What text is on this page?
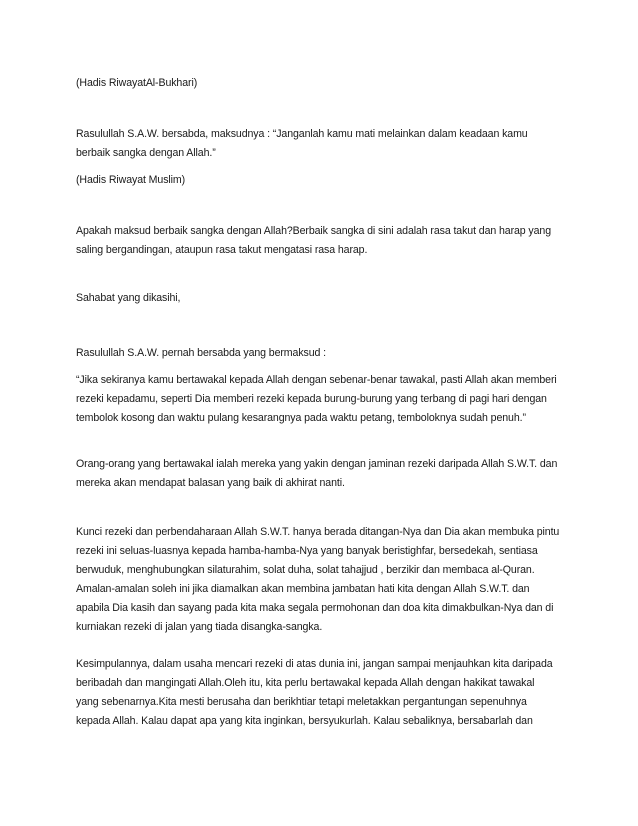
(Hadis RiwayatAl-Bukhari)

Rasulullah S.A.W. bersabda, maksudnya : “Janganlah kamu mati melainkan dalam keadaan kamu
berbaik sangka dengan Allah.”

(Hadis Riwayat Muslim)

Apakah maksud berbaik sangka dengan Allah?Berbaik sangka di sini adalah rasa takut dan harap yang
saling bergandingan, ataupun rasa takut mengatasi rasa harap.

Sahabat yang dikasihi,

Rasulullah S.A.W. pernah bersabda yang bermaksud :

“Jika sekiranya kamu bertawakal kepada Allah dengan sebenar-benar tawakal, pasti Allah akan memberi
rezeki kepadamu, seperti Dia memberi rezeki kepada burung-burung yang terbang di pagi hari dengan
tembolok kosong dan waktu pulang kesarangnya pada waktu petang, temboloknya sudah penuh.”

Orang-orang yang bertawakal ialah mereka yang yakin dengan jaminan rezeki daripada Allah S.W.T. dan
mereka akan mendapat balasan yang baik di akhirat nanti.

Kunci rezeki dan perbendaharaan Allah S.W.T. hanya berada ditangan-Nya dan Dia akan membuka pintu
rezeki ini seluas-luasnya kepada hamba-hamba-Nya yang banyak beristighfar, bersedekah, sentiasa
berwuduk, menghubungkan silaturahim, solat duha, solat tahajjud , berzikir dan membaca al-Quran.
Amalan-amalan soleh ini jika diamalkan akan membina jambatan hati kita dengan Allah S.W.T. dan
apabila Dia kasih dan sayang pada kita maka segala permohonan dan doa kita dimakbulkan-Nya dan di
kurniakan rezeki di jalan yang tiada disangka-sangka.

Kesimpulannya, dalam usaha mencari rezeki di atas dunia ini, jangan sampai menjauhkan kita daripada
beribadah dan mangingati Allah.Oleh itu, kita perlu bertawakal kepada Allah dengan hakikat tawakal
yang sebenarnya.Kita mesti berusaha dan berikhtiar tetapi meletakkan pergantungan sepenuhnya
kepada Allah. Kalau dapat apa yang kita inginkan, bersyukurlah. Kalau sebaliknya, bersabarlah dan
